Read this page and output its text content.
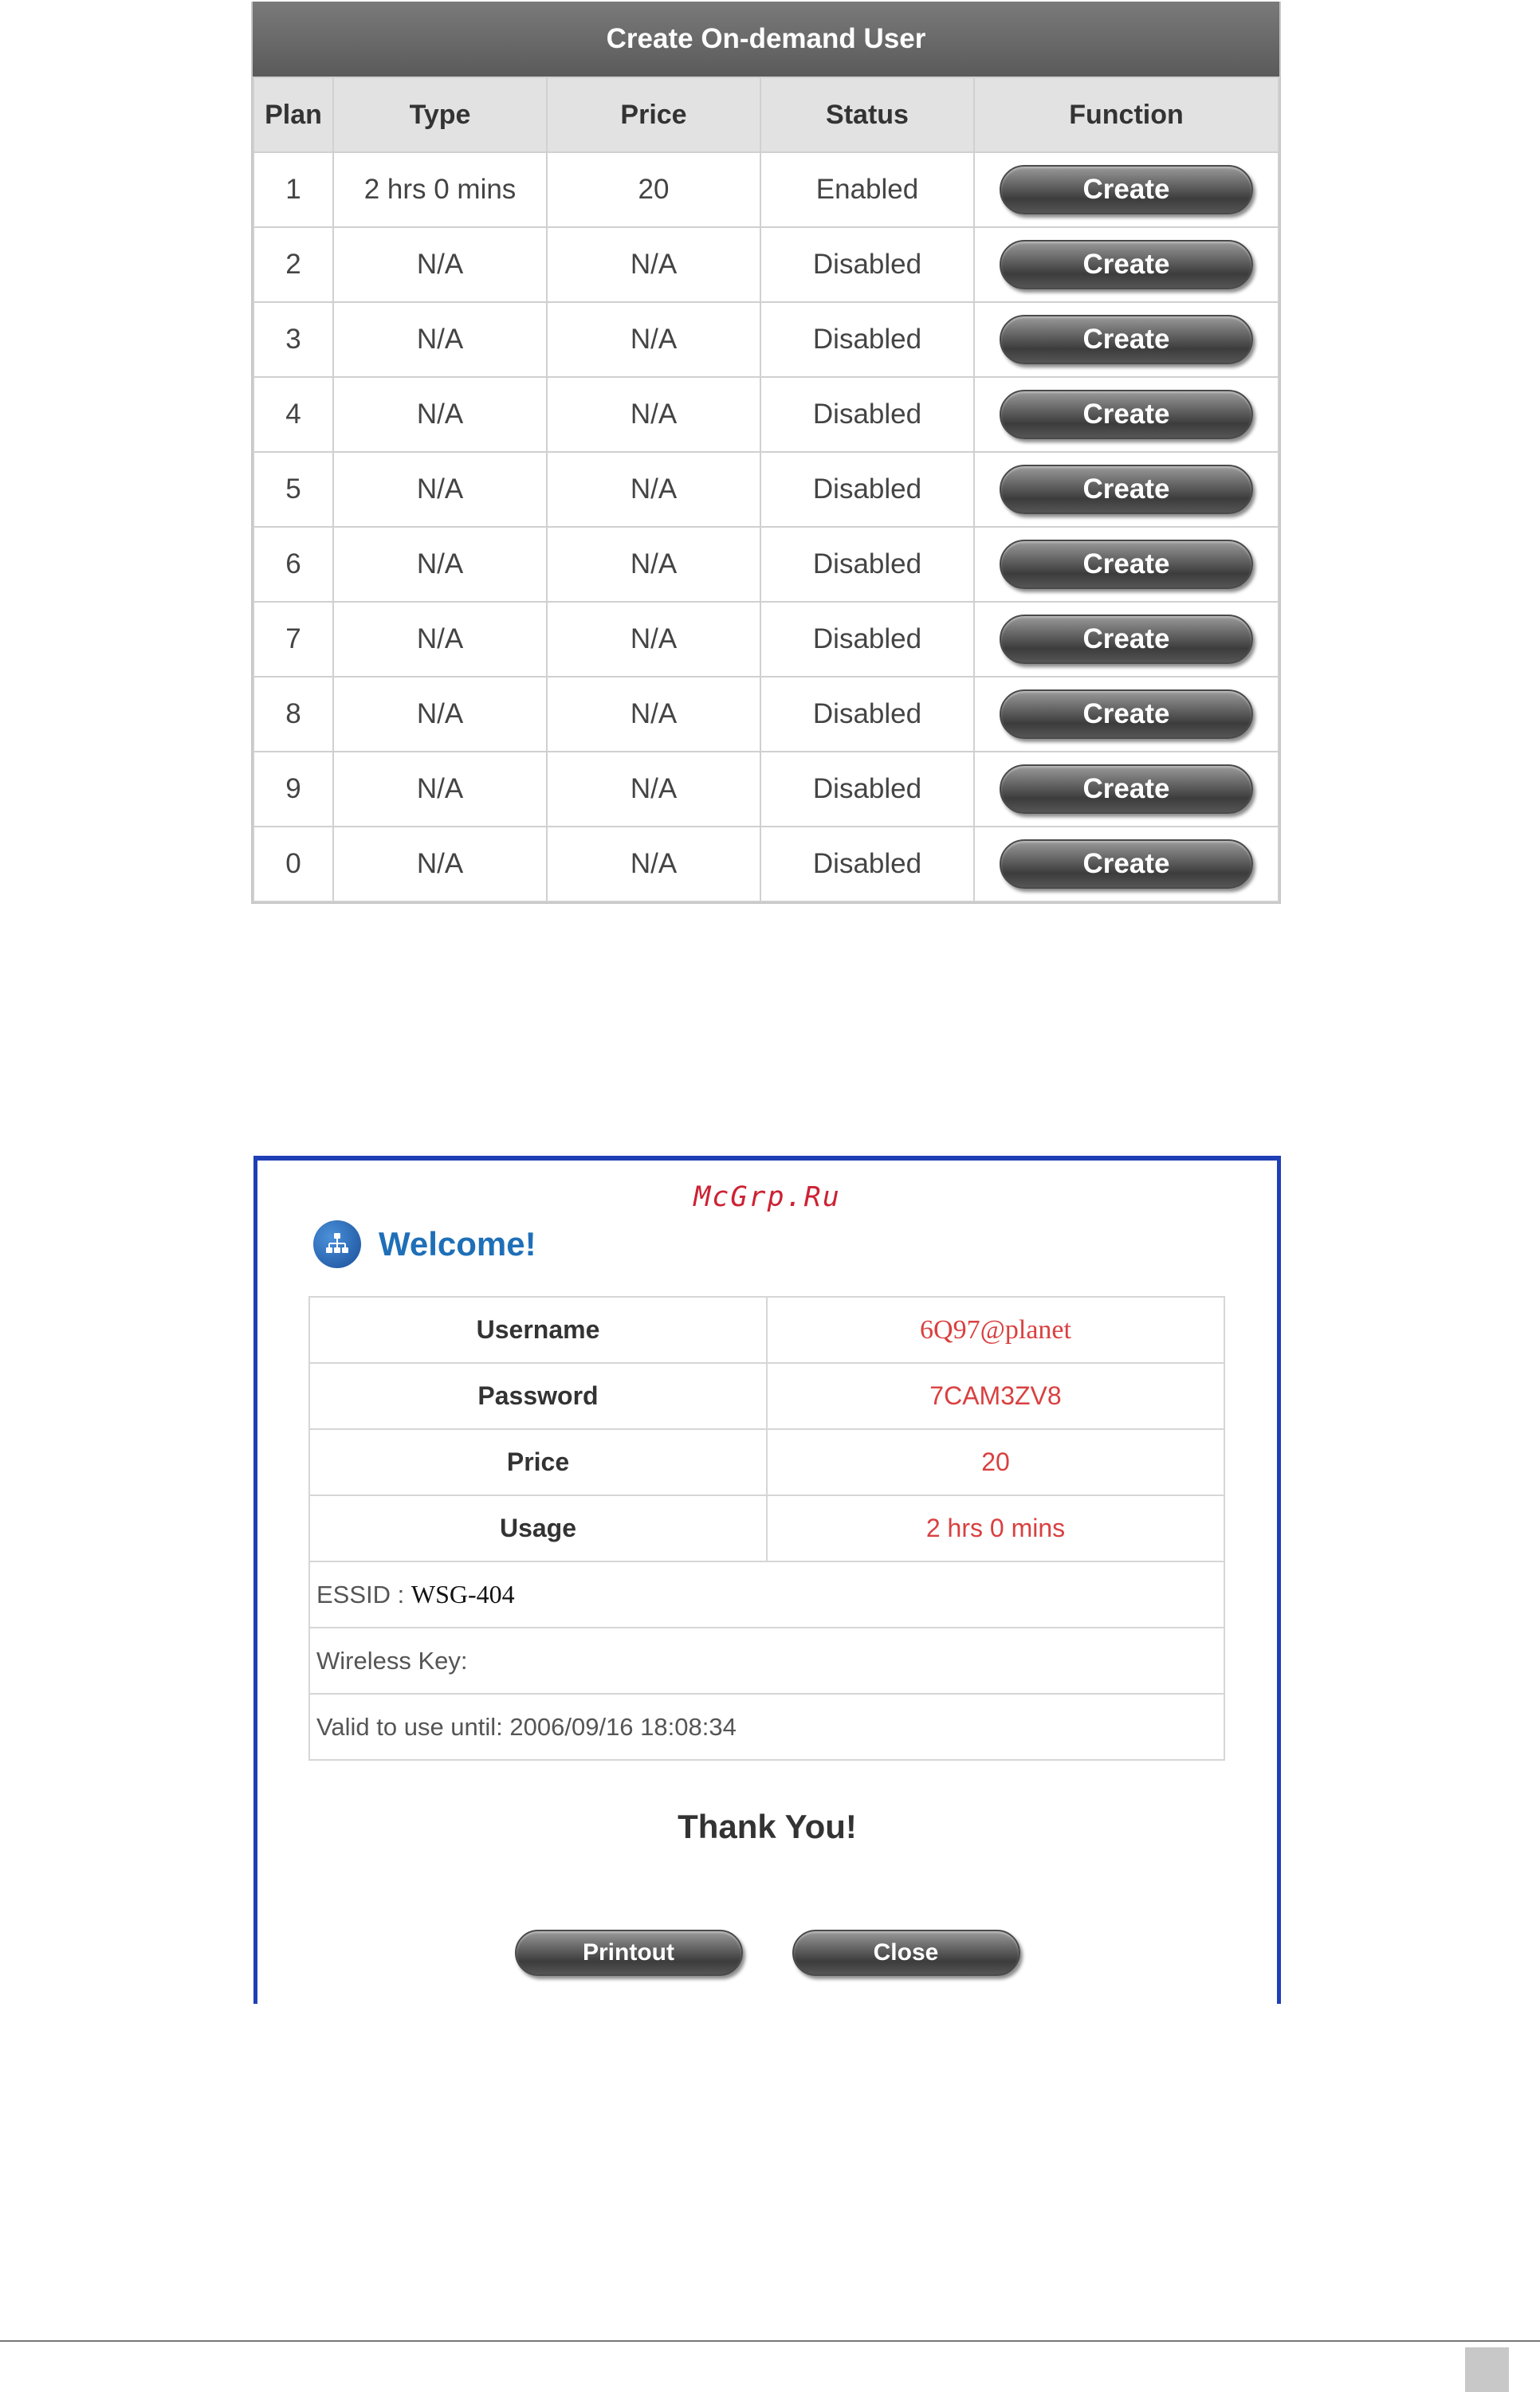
Create On-demand User
Plan	Type	Price	Status	Function
1	2 hrs 0 mins	20	Enabled	Create
2	N/A	N/A	Disabled	Create
3	N/A	N/A	Disabled	Create
4	N/A	N/A	Disabled	Create
5	N/A	N/A	Disabled	Create
6	N/A	N/A	Disabled	Create
7	N/A	N/A	Disabled	Create
8	N/A	N/A	Disabled	Create
9	N/A	N/A	Disabled	Create
0	N/A	N/A	Disabled	Create
McGrp.Ru
Welcome!
Username	6Q97@planet
Password	7CAM3ZV8
Price	20
Usage	2 hrs 0 mins
ESSID : WSG-404	
Wireless Key:	
Valid to use until: 2006/09/16 18:08:34	
Thank You!
Printout	Close
